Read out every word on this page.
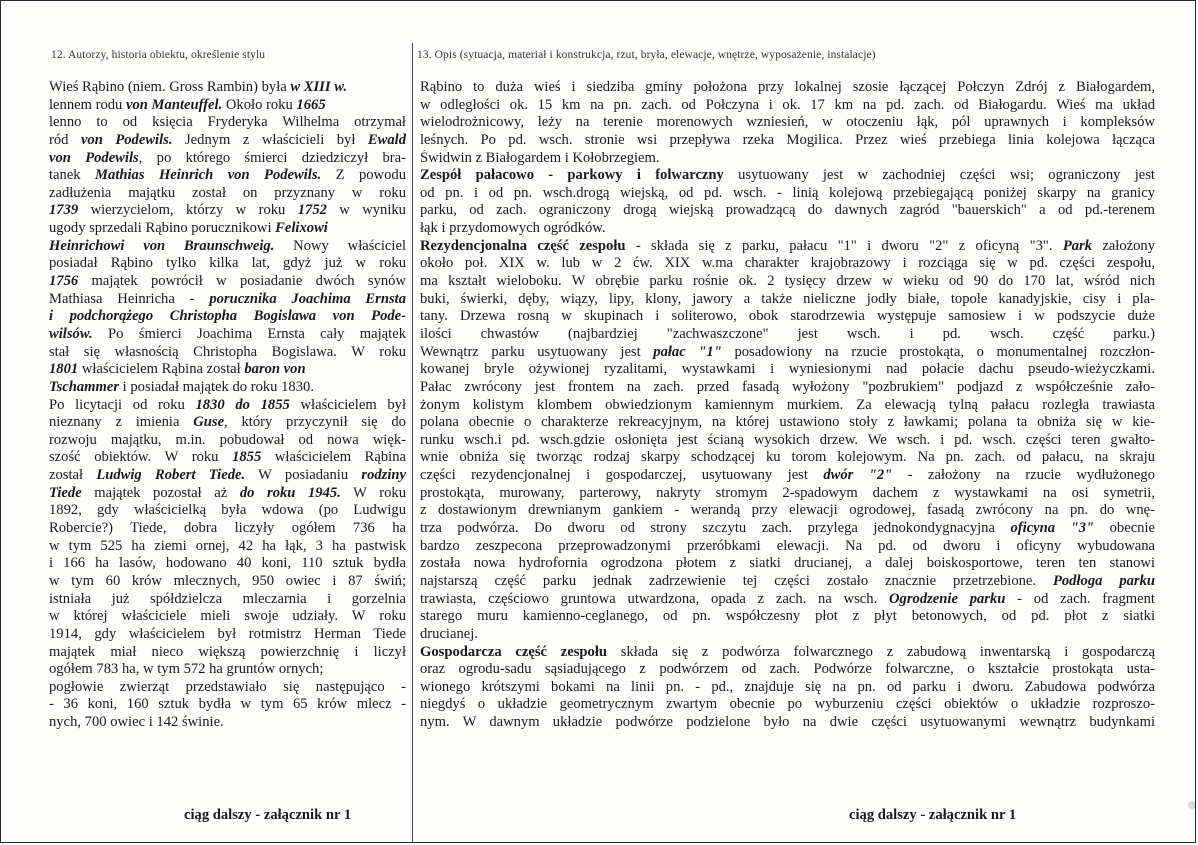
12. Autorzy, historia obiektu, określenie stylu	13. Opis (sytuacja, materiał i konstrukcja, rzut, bryła, elewacje, wnętrze, wyposażenie, instalacje)
Wieś Rąbino (niem. Gross Rambin) była w XIII w.
lennem rodu von Manteuffel. Około roku 1665
lenno to od księcia Fryderyka Wilhelma otrzymał
ród von Podewils. Jednym z właścicieli był Ewald
von Podewils, po którego śmierci dziedziczył bra-
tanek Mathias Heinrich von Podewils. Z powodu
zadłużenia majątku został on przyznany w roku
1739 wierzycielom, którzy w roku 1752 w wyniku
ugody sprzedali Rąbino porucznikowi Felixowi
Heinrichowi von Braunschweig. Nowy właściciel
posiadał Rąbino tylko kilka lat, gdyż już w roku
1756 majątek powrócił w posiadanie dwóch synów
Mathiasa Heinricha - porucznika Joachima Ernsta
i podchorążego Christopha Bogislawa von Pode-
wilsów. Po śmierci Joachima Ernsta cały majątek
stał się własnością Christopha Bogislawa. W roku
1801 właścicielem Rąbina został baron von
Tschammer i posiadał majątek do roku 1830.
Po licytacji od roku 1830 do 1855 właścicielem był
nieznany z imienia Guse, który przyczynił się do
rozwoju majątku, m.in. pobudował od nowa więk-
szość obiektów. W roku 1855 właścicielem Rąbina
został Ludwig Robert Tiede. W posiadaniu rodziny
Tiede majątek pozostał aż do roku 1945. W roku
1892, gdy właścicielką była wdowa (po Ludwigu
Robercie?) Tiede, dobra liczyły ogółem 736 ha
w tym 525 ha ziemi ornej, 42 ha łąk, 3 ha pastwisk
i 166 ha lasów, hodowano 40 koni, 110 sztuk bydła
w tym 60 krów mlecznych, 950 owiec i 87 świń;
istniała już spółdzielcza mleczarnia i gorzelnia
w której właściciele mieli swoje udziały. W roku
1914, gdy właścicielem był rotmistrz Herman Tiede
majątek miał nieco większą powierzchnię i liczył
ogółem 783 ha, w tym 572 ha gruntów ornych;
pogłowie zwierząt przedstawiało się następująco -
- 36 koni, 160 sztuk bydła w tym 65 krów mlecz -
nych, 700 owiec i 142 świnie.
Rąbino to duża wieś i siedziba gminy położona przy lokalnej szosie łączącej Połczyn Zdrój z Białogardem,
w odległości ok. 15 km na pn. zach. od Połczyna i ok. 17 km na pd. zach. od Białogardu. Wieś ma układ
wielodrożnicowy, leży na terenie morenowych wzniesień, w otoczeniu łąk, pól uprawnych i kompleksów
leśnych. Po pd. wsch. stronie wsi przepływa rzeka Mogilica. Przez wieś przebiega linia kolejowa łącząca
Świdwin z Białogardem i Kołobrzegiem.
Zespół pałacowo - parkowy i folwarczny usytuowany jest w zachodniej części wsi; ograniczony jest
od pn. i od pn. wsch.drogą wiejską, od pd. wsch. - linią kolejową przebiegającą poniżej skarpy na granicy
parku, od zach. ograniczony drogą wiejską prowadzącą do dawnych zagród "bauerskich" a od pd.-terenem
łąk i przydomowych ogródków.
Rezydencjonalna część zespołu - składa się z parku, pałacu "1" i dworu "2" z oficyną "3". Park założony
około poł. XIX w. lub w 2 ćw. XIX w.ma charakter krajobrazowy i rozciąga się w pd. części zespołu,
ma kształt wieloboku. W obrębie parku rośnie ok. 2 tysięcy drzew w wieku od 90 do 170 lat, wśród nich
buki, świerki, dęby, wiązy, lipy, klony, jawory a także nieliczne jodły białe, topole kanadyjskie, cisy i pla-
tany. Drzewa rosną w skupinach i soliterowo, obok starodrzewia występuje samosiew i w podszycie duże
ilości chwastów (najbardziej "zachwaszczone" jest wsch. i pd. wsch. część parku.)
Wewnątrz parku usytuowany jest pałac "1" posadowiony na rzucie prostokąta, o monumentalnej rozczłon-
kowanej bryle ożywionej ryzalitami, wystawkami i wyniesionymi nad połacie dachu pseudo-wieżyczkami.
Pałac zwrócony jest frontem na zach. przed fasadą wyłożony "pozbrukiem" podjazd z współcześnie zało-
żonym kolistym klombem obwiedzionym kamiennym murkiem. Za elewacją tylną pałacu rozległa trawiasta
polana obecnie o charakterze rekreacyjnym, na której ustawiono stoły z ławkami; polana ta obniża się w kie-
runku wsch.i pd. wsch.gdzie osłonięta jest ścianą wysokich drzew. We wsch. i pd. wsch. części teren gwałto-
wnie obniża się tworząc rodzaj skarpy schodzącej ku torom kolejowym. Na pn. zach. od pałacu, na skraju
części rezydencjonalnej i gospodarczej, usytuowany jest dwór "2" - założony na rzucie wydłużonego
prostokąta, murowany, parterowy, nakryty stromym 2-spadowym dachem z wystawkami na osi symetrii,
z dostawionym drewnianym gankiem - werandą przy elewacji ogrodowej, fasadą zwrócony na pn. do wnę-
trza podwórza. Do dworu od strony szczytu zach. przylega jednokondygnacyjna oficyna "3" obecnie
bardzo zeszpecona przeprowadzonymi przeróbkami elewacji. Na pd. od dworu i oficyny wybudowana
została nowa hydrofornia ogrodzona płotem z siatki drucianej, a dalej boiskosportowe, teren ten stanowi
najstarszą część parku jednak zadrzewienie tej części zostało znacznie przetrzebione. Podłoga parku
trawiasta, częściowo gruntowa utwardzona, opada z zach. na wsch. Ogrodzenie parku - od zach. fragment
starego muru kamienno-ceglanego, od pn. współczesny płot z płyt betonowych, od pd. płot z siatki
drucianej.
Gospodarcza część zespołu składa się z podwórza folwarcznego z zabudową inwentarską i gospodarczą
oraz ogrodu-sadu sąsiadującego z podwórzem od zach. Podwórze folwarczne, o kształcie prostokąta usta-
wionego krótszymi bokami na linii pn. - pd., znajduje się na pn. od parku i dworu. Zabudowa podwórza
niegdyś o układzie geometrycznym zwartym obecnie po wyburzeniu części obiektów o układzie rozproszo-
nym. W dawnym układzie podwórze podzielone było na dwie części usytuowanymi wewnątrz budynkami
ciąg dalszy - załącznik nr 1	ciąg dalszy - załącznik nr 1
